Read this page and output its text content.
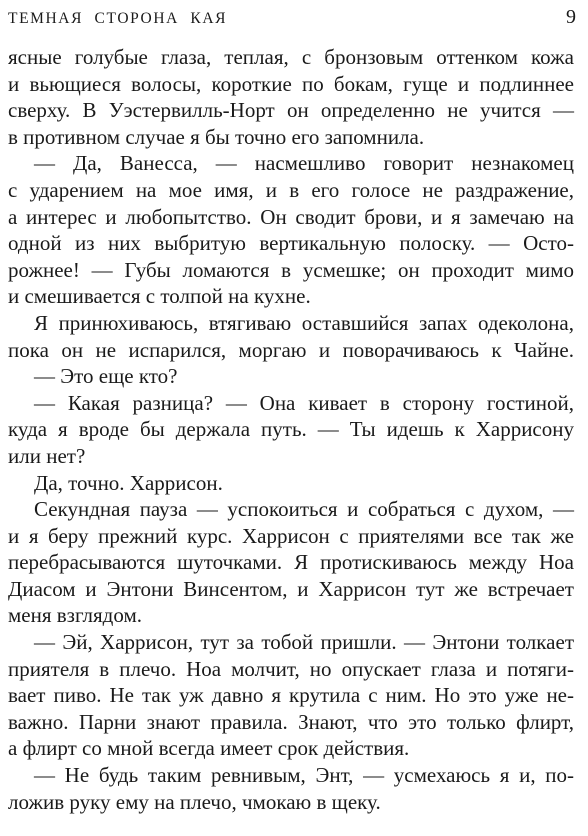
ТЕМНАЯ СТОРОНА КАЯ	9
ясные голубые глаза, теплая, с бронзовым оттенком кожа
и вьющиеся волосы, короткие по бокам, гуще и подлиннее
сверху. В Уэстервилль-Норт он определенно не учится —
в противном случае я бы точно его запомнила.
— Да, Ванесса, — насмешливо говорит незнакомец
с ударением на мое имя, и в его голосе не раздражение,
а интерес и любопытство. Он сводит брови, и я замечаю на
одной из них выбритую вертикальную полоску. — Осто-
рожнее! — Губы ломаются в усмешке; он проходит мимо
и смешивается с толпой на кухне.
Я принюхиваюсь, втягиваю оставшийся запах одеколона,
пока он не испарился, моргаю и поворачиваюсь к Чайне.
— Это еще кто?
— Какая разница? — Она кивает в сторону гостиной,
куда я вроде бы держала путь. — Ты идешь к Харрисону
или нет?
Да, точно. Харрисон.
Секундная пауза — успокоиться и собраться с духом, —
и я беру прежний курс. Харрисон с приятелями все так же
перебрасываются шуточками. Я протискиваюсь между Ноа
Диасом и Энтони Винсентом, и Харрисон тут же встречает
меня взглядом.
— Эй, Харрисон, тут за тобой пришли. — Энтони толкает
приятеля в плечо. Ноа молчит, но опускает глаза и потяги-
вает пиво. Не так уж давно я крутила с ним. Но это уже не-
важно. Парни знают правила. Знают, что это только флирт,
а флирт со мной всегда имеет срок действия.
— Не будь таким ревнивым, Энт, — усмехаюсь я и, по-
ложив руку ему на плечо, чмокаю в щеку.
